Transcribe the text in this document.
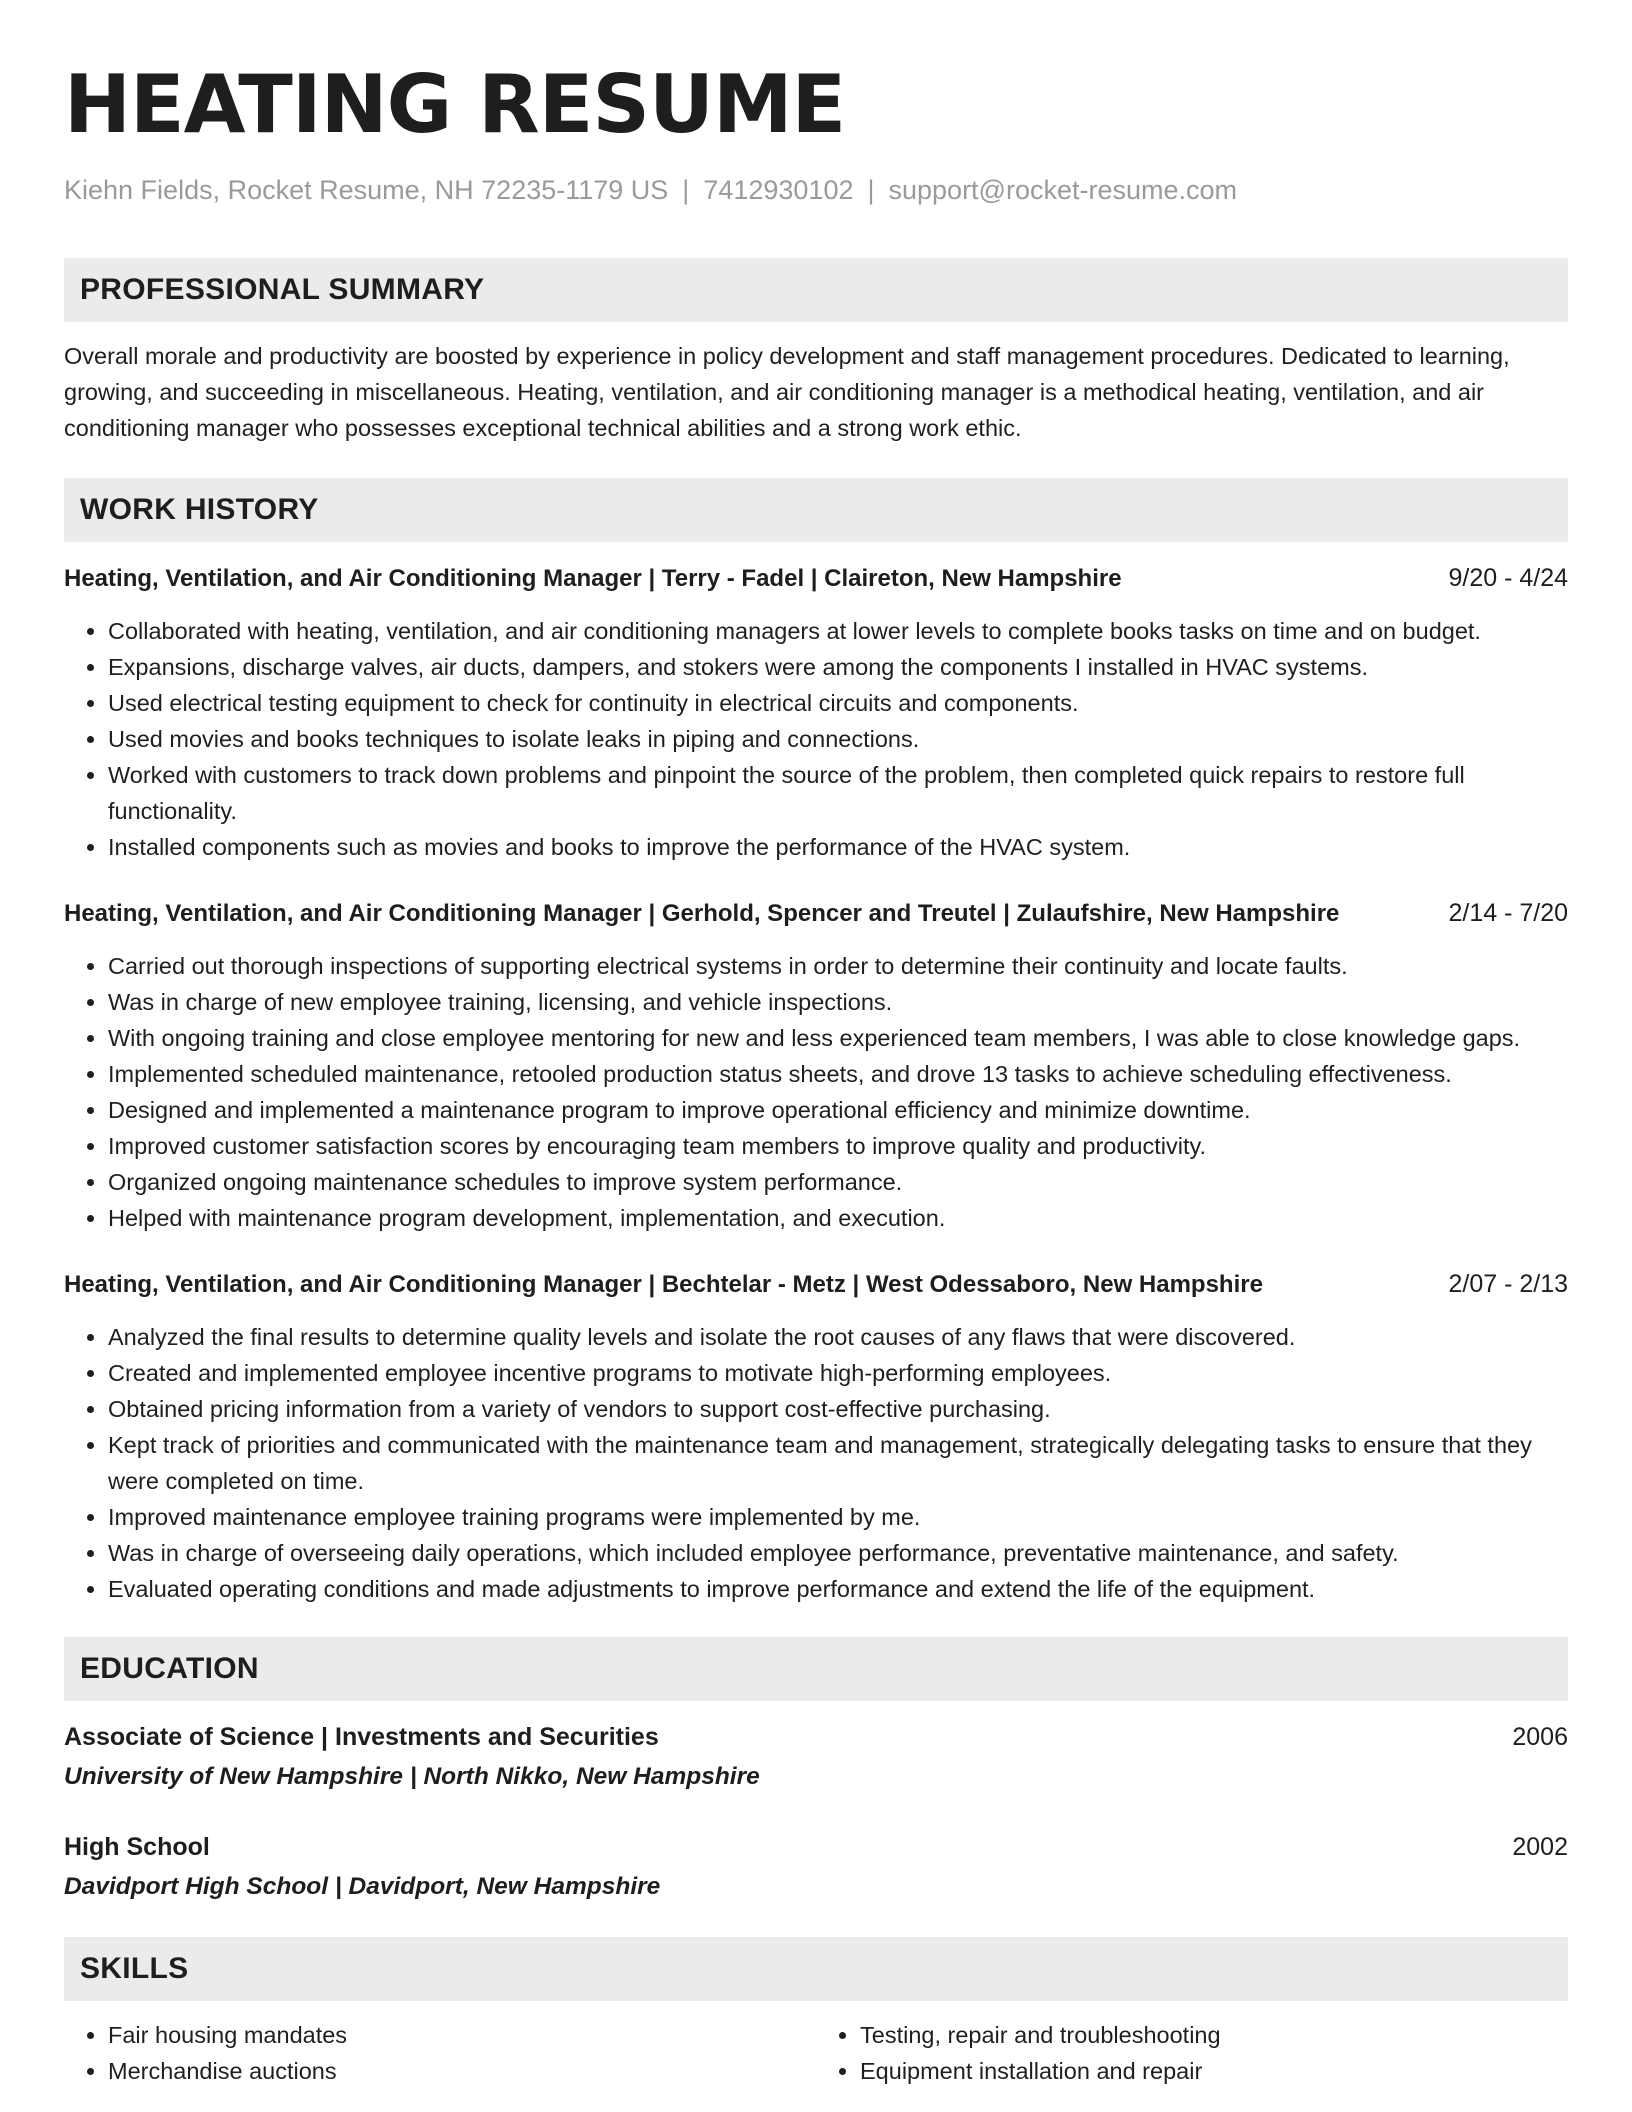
HEATING RESUME
Kiehn Fields, Rocket Resume, NH 72235-1179 US | 7412930102 | support@rocket-resume.com
PROFESSIONAL SUMMARY
Overall morale and productivity are boosted by experience in policy development and staff management procedures. Dedicated to learning, growing, and succeeding in miscellaneous. Heating, ventilation, and air conditioning manager is a methodical heating, ventilation, and air conditioning manager who possesses exceptional technical abilities and a strong work ethic.
WORK HISTORY
Heating, Ventilation, and Air Conditioning Manager | Terry - Fadel | Claireton, New Hampshire	9/20 - 4/24
• Collaborated with heating, ventilation, and air conditioning managers at lower levels to complete books tasks on time and on budget.
• Expansions, discharge valves, air ducts, dampers, and stokers were among the components I installed in HVAC systems.
• Used electrical testing equipment to check for continuity in electrical circuits and components.
• Used movies and books techniques to isolate leaks in piping and connections.
• Worked with customers to track down problems and pinpoint the source of the problem, then completed quick repairs to restore full functionality.
• Installed components such as movies and books to improve the performance of the HVAC system.
Heating, Ventilation, and Air Conditioning Manager | Gerhold, Spencer and Treutel | Zulaufshire, New Hampshire	2/14 - 7/20
• Carried out thorough inspections of supporting electrical systems in order to determine their continuity and locate faults.
• Was in charge of new employee training, licensing, and vehicle inspections.
• With ongoing training and close employee mentoring for new and less experienced team members, I was able to close knowledge gaps.
• Implemented scheduled maintenance, retooled production status sheets, and drove 13 tasks to achieve scheduling effectiveness.
• Designed and implemented a maintenance program to improve operational efficiency and minimize downtime.
• Improved customer satisfaction scores by encouraging team members to improve quality and productivity.
• Organized ongoing maintenance schedules to improve system performance.
• Helped with maintenance program development, implementation, and execution.
Heating, Ventilation, and Air Conditioning Manager | Bechtelar - Metz | West Odessaboro, New Hampshire	2/07 - 2/13
• Analyzed the final results to determine quality levels and isolate the root causes of any flaws that were discovered.
• Created and implemented employee incentive programs to motivate high-performing employees.
• Obtained pricing information from a variety of vendors to support cost-effective purchasing.
• Kept track of priorities and communicated with the maintenance team and management, strategically delegating tasks to ensure that they were completed on time.
• Improved maintenance employee training programs were implemented by me.
• Was in charge of overseeing daily operations, which included employee performance, preventative maintenance, and safety.
• Evaluated operating conditions and made adjustments to improve performance and extend the life of the equipment.
EDUCATION
Associate of Science | Investments and Securities	2006
University of New Hampshire | North Nikko, New Hampshire
High School	2002
Davidport High School | Davidport, New Hampshire
SKILLS
• Fair housing mandates
• Merchandise auctions
• Testing, repair and troubleshooting
• Equipment installation and repair
